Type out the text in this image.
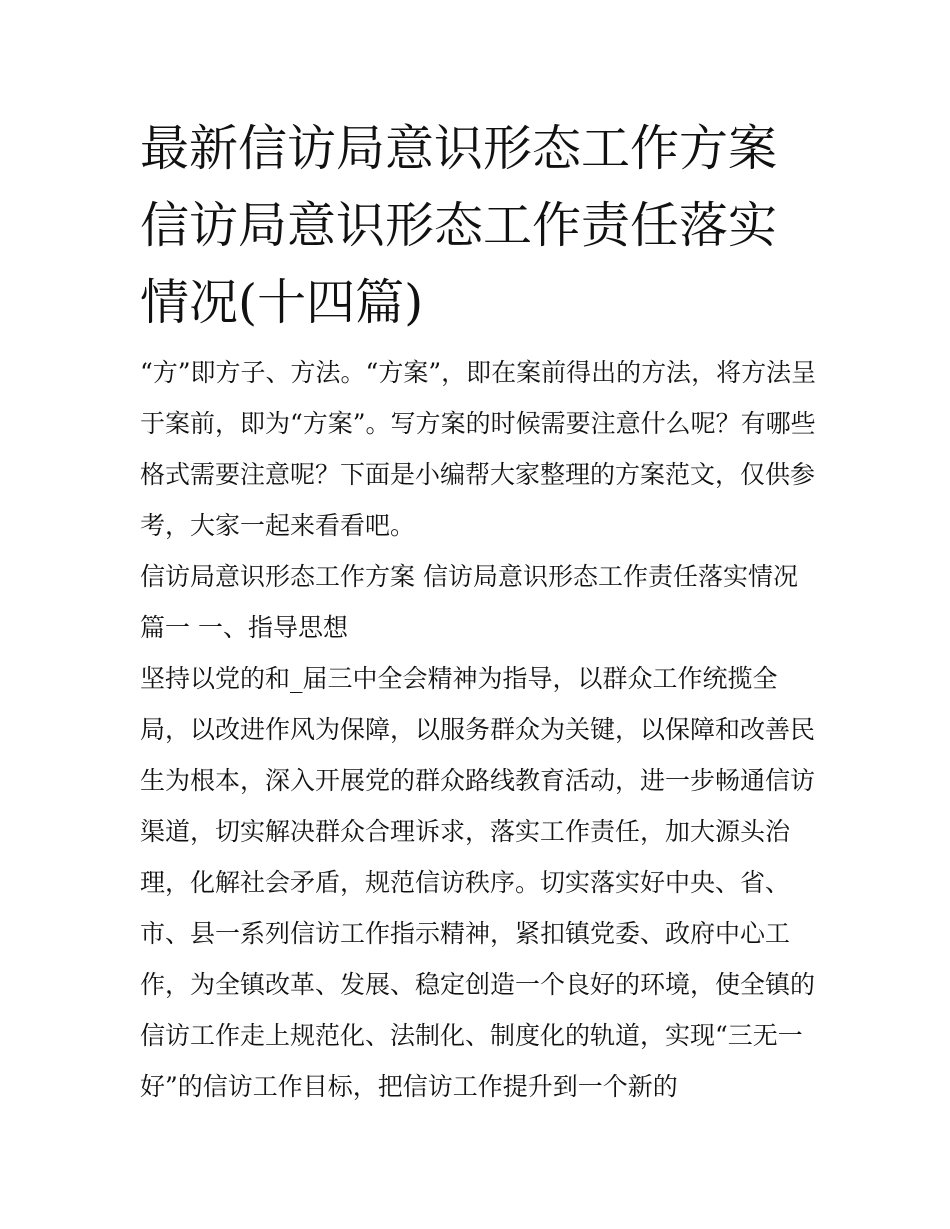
最新信访局意识形态工作方案
信访局意识形态工作责任落实
情况(十四篇)

“方”即方子、方法。“方案”，即在案前得出的方法，将方法呈
于案前，即为“方案”。写方案的时候需要注意什么呢？有哪些
格式需要注意呢？下面是小编帮大家整理的方案范文，仅供参
考，大家一起来看看吧。

信访局意识形态工作方案 信访局意识形态工作责任落实情况
篇一 一、指导思想

坚持以党的和_届三中全会精神为指导，以群众工作统揽全
局，以改进作风为保障，以服务群众为关键，以保障和改善民
生为根本，深入开展党的群众路线教育活动，进一步畅通信访
渠道，切实解决群众合理诉求，落实工作责任，加大源头治
理，化解社会矛盾，规范信访秩序。切实落实好中央、省、
市、县一系列信访工作指示精神，紧扣镇党委、政府中心工
作，为全镇改革、发展、稳定创造一个良好的环境，使全镇的
信访工作走上规范化、法制化、制度化的轨道，实现“三无一
好”的信访工作目标，把信访工作提升到一个新的
